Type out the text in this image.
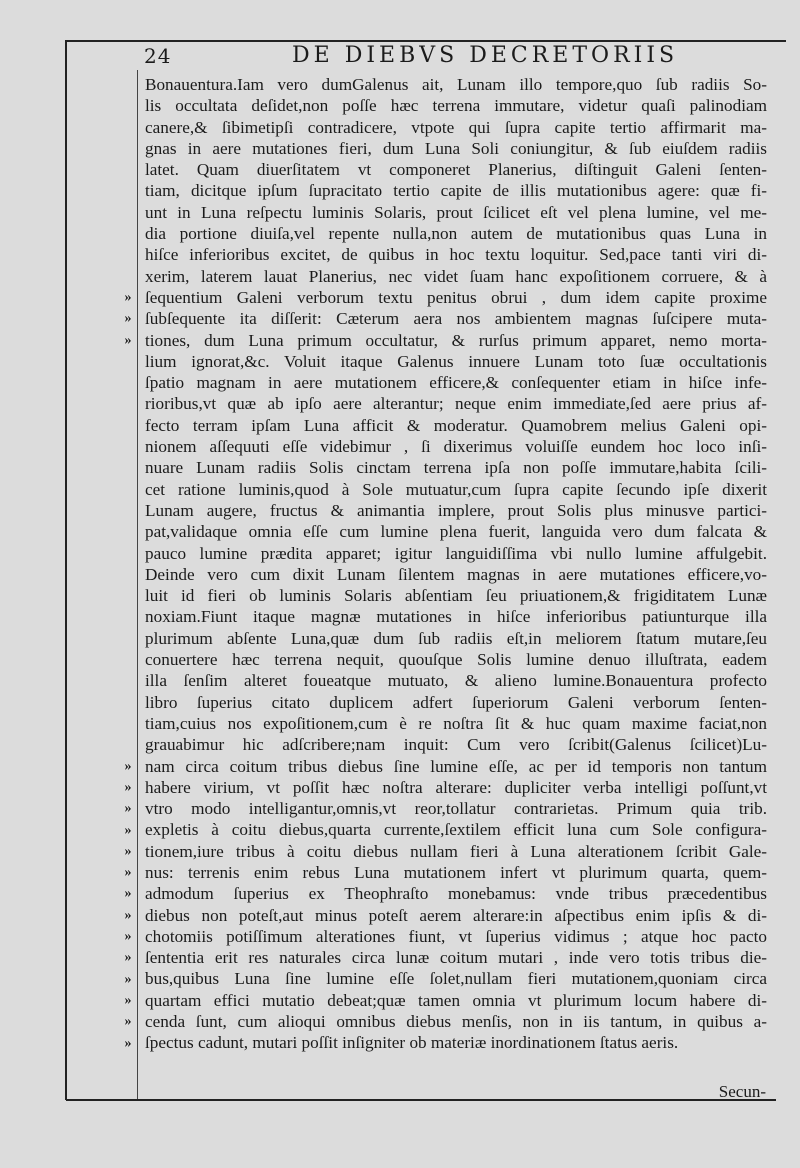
24	DE DIEBVS DECRETORIIS
»
»
»
»
»
»
»
»
»
»
»
»
»
»
»
»
»
Bonauentura.Iam vero dumGalenus ait, Lunam illo tempore,quo ſub radiis So-
lis occultata deſidet,non poſſe hæc terrena immutare, videtur quaſi palinodiam
canere,& ſibimetipſi contradicere, vtpote qui ſupra capite tertio affirmarit ma-
gnas in aere mutationes fieri, dum Luna Soli coniungitur, & ſub eiuſdem radiis
latet. Quam diuerſitatem vt componeret Planerius, diſtinguit Galeni ſenten-
tiam, dicitque ipſum ſupracitato tertio capite de illis mutationibus agere: quæ fi-
unt in Luna reſpectu luminis Solaris, prout ſcilicet eſt vel plena lumine, vel me-
dia portione diuiſa,vel repente nulla,non autem de mutationibus quas Luna in
hiſce inferioribus excitet, de quibus in hoc textu loquitur. Sed,pace tanti viri di-
xerim, laterem lauat Planerius, nec videt ſuam hanc expoſitionem corruere, & à
ſequentium Galeni verborum textu penitus obrui , dum idem capite proxime
ſubſequente ita diſſerit: Cæterum aera nos ambientem magnas ſuſcipere muta-
tiones, dum Luna primum occultatur, & rurſus primum apparet, nemo morta-
lium ignorat,&c. Voluit itaque Galenus innuere Lunam toto ſuæ occultationis
ſpatio magnam in aere mutationem efficere,& conſequenter etiam in hiſce infe-
rioribus,vt quæ ab ipſo aere alterantur; neque enim immediate,ſed aere prius af-
fecto terram ipſam Luna afficit & moderatur. Quamobrem melius Galeni opi-
nionem aſſequuti eſſe videbimur , ſi dixerimus voluiſſe eundem hoc loco inſi-
nuare Lunam radiis Solis cinctam terrena ipſa non poſſe immutare,habita ſcili-
cet ratione luminis,quod à Sole mutuatur,cum ſupra capite ſecundo ipſe dixerit
Lunam augere, fructus & animantia implere, prout Solis plus minusve partici-
pat,validaque omnia eſſe cum lumine plena fuerit, languida vero dum falcata &
pauco lumine prædita apparet; igitur languidiſſima vbi nullo lumine affulgebit.
Deinde vero cum dixit Lunam ſilentem magnas in aere mutationes efficere,vo-
luit id fieri ob luminis Solaris abſentiam ſeu priuationem,& frigiditatem Lunæ
noxiam.Fiunt itaque magnæ mutationes in hiſce inferioribus patiunturque illa
plurimum abſente Luna,quæ dum ſub radiis eſt,in meliorem ſtatum mutare,ſeu
conuertere hæc terrena nequit, quouſque Solis lumine denuo illuſtrata, eadem
illa ſenſim alteret foueatque mutuato, & alieno lumine.Bonauentura profecto
libro ſuperius citato duplicem adfert ſuperiorum Galeni verborum ſenten-
tiam,cuius nos expoſitionem,cum è re noſtra ſit & huc quam maxime faciat,non
grauabimur hic adſcribere;nam inquit: Cum vero ſcribit(Galenus ſcilicet)Lu-
nam circa coitum tribus diebus ſine lumine eſſe, ac per id temporis non tantum
habere virium, vt poſſit hæc noſtra alterare: dupliciter verba intelligi poſſunt,vt
vtro modo intelligantur,omnis,vt reor,tollatur contrarietas. Primum quia trib.
expletis à coitu diebus,quarta currente,ſextilem efficit luna cum Sole configura-
tionem,iure tribus à coitu diebus nullam fieri à Luna alterationem ſcribit Gale-
nus: terrenis enim rebus Luna mutationem infert vt plurimum quarta, quem-
admodum ſuperius ex Theophraſto monebamus: vnde tribus præcedentibus
diebus non poteſt,aut minus poteſt aerem alterare:in aſpectibus enim ipſis & di-
chotomiis potiſſimum alterationes fiunt, vt ſuperius vidimus ; atque hoc pacto
ſententia erit res naturales circa lunæ coitum mutari , inde vero totis tribus die-
bus,quibus Luna ſine lumine eſſe ſolet,nullam fieri mutationem,quoniam circa
quartam effici mutatio debeat;quæ tamen omnia vt plurimum locum habere di-
cenda ſunt, cum alioqui omnibus diebus menſis, non in iis tantum, in quibus a-
ſpectus cadunt, mutari poſſit inſigniter ob materiæ inordinationem ſtatus aeris.
Secun-
